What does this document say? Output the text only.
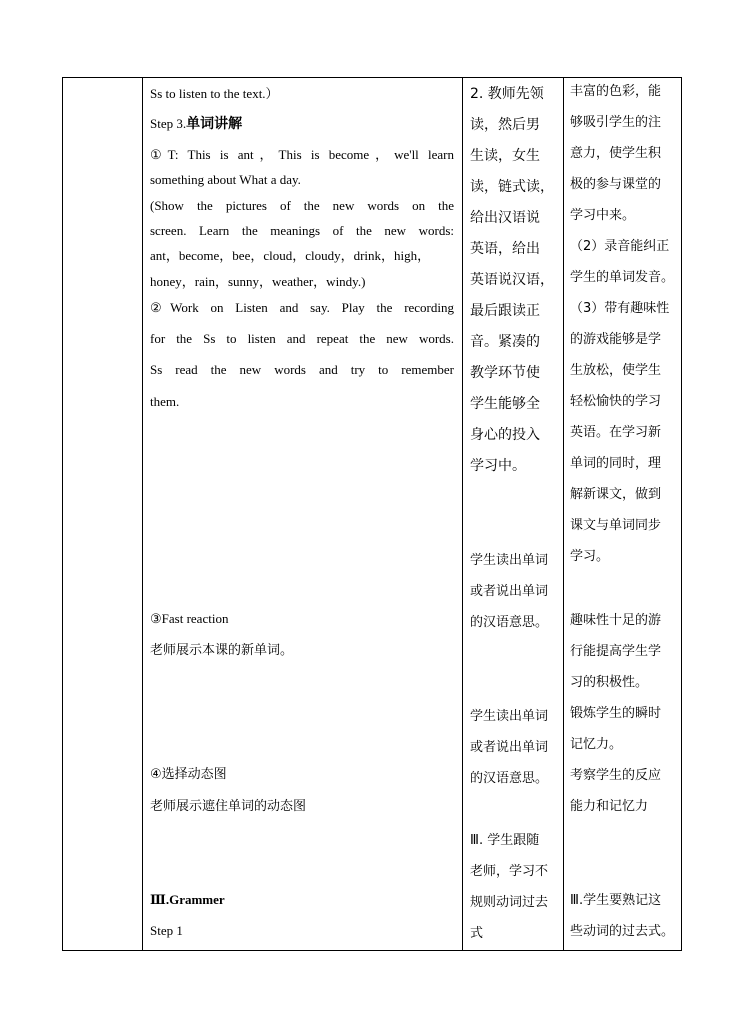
Ss to listen to the text.）
Step 3.单词讲解
①T: This is ant，This is become，we'll learn
something about What a day.
(Show the pictures of the new words on the
screen. Learn the meanings of the new words:
ant，become，bee，cloud，cloudy，drink，high，
honey，rain，sunny，weather，windy.)
②Work on Listen and say. Play the recording
for the Ss to listen and repeat the new words.
Ss read the new words and try to remember
them.
③Fast reaction
老师展示本课的新单词。
④选择动态图
老师展示遮住单词的动态图
Ⅲ.Grammer
Step 1
2. 教师先领
读，然后男
生读，女生
读，链式读，
给出汉语说
英语，给出
英语说汉语，
最后跟读正
音。紧凑的
教学环节使
学生能够全
身心的投入
学习中。
学生读出单词
或者说出单词
的汉语意思。
学生读出单词
或者说出单词
的汉语意思。
Ⅲ. 学生跟随
老师，学习不
规则动词过去
式
丰富的色彩，能
够吸引学生的注
意力，使学生积
极的参与课堂的
学习中来。
（2）录音能纠正
学生的单词发音。
（3）带有趣味性
的游戏能够是学
生放松，使学生
轻松愉快的学习
英语。在学习新
单词的同时，理
解新课文，做到
课文与单词同步
学习。
趣味性十足的游
行能提高学生学
习的积极性。
锻炼学生的瞬时
记忆力。
考察学生的反应
能力和记忆力
Ⅲ.学生要熟记这
些动词的过去式。
